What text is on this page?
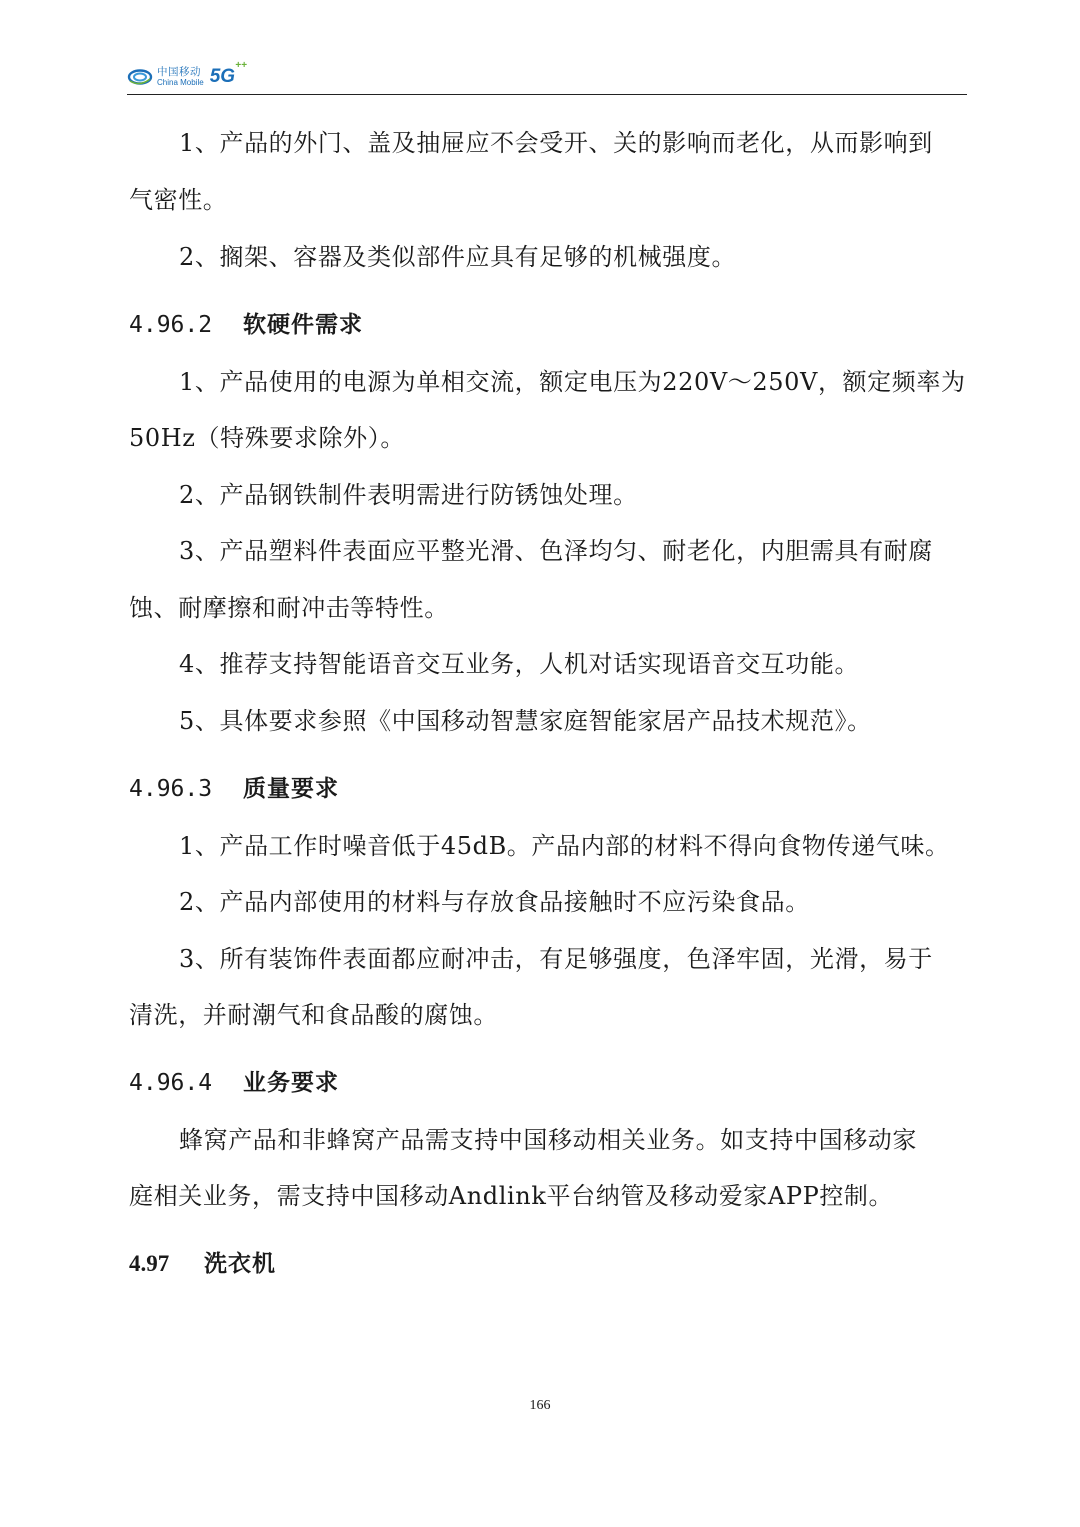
中国移动
China Mobile 5G
++
1、产品的外门、盖及抽屉应不会受开、关的影响而老化，从而影响到
气密性。
2、搁架、容器及类似部件应具有足够的机械强度。
4.96.2 软硬件需求
1、产品使用的电源为单相交流，额定电压为220V～250V，额定频率为
50Hz（特殊要求除外）。
2、产品钢铁制件表明需进行防锈蚀处理。
3、产品塑料件表面应平整光滑、色泽均匀、耐老化，内胆需具有耐腐
蚀、耐摩擦和耐冲击等特性。
4、推荐支持智能语音交互业务，人机对话实现语音交互功能。
5、具体要求参照《中国移动智慧家庭智能家居产品技术规范》。
4.96.3 质量要求
1、产品工作时噪音低于45dB。产品内部的材料不得向食物传递气味。
2、产品内部使用的材料与存放食品接触时不应污染食品。
3、所有装饰件表面都应耐冲击，有足够强度，色泽牢固，光滑，易于
清洗，并耐潮气和食品酸的腐蚀。
4.96.4 业务要求
蜂窝产品和非蜂窝产品需支持中国移动相关业务。如支持中国移动家
庭相关业务，需支持中国移动Andlink平台纳管及移动爱家APP控制。
4.97 洗衣机
166
